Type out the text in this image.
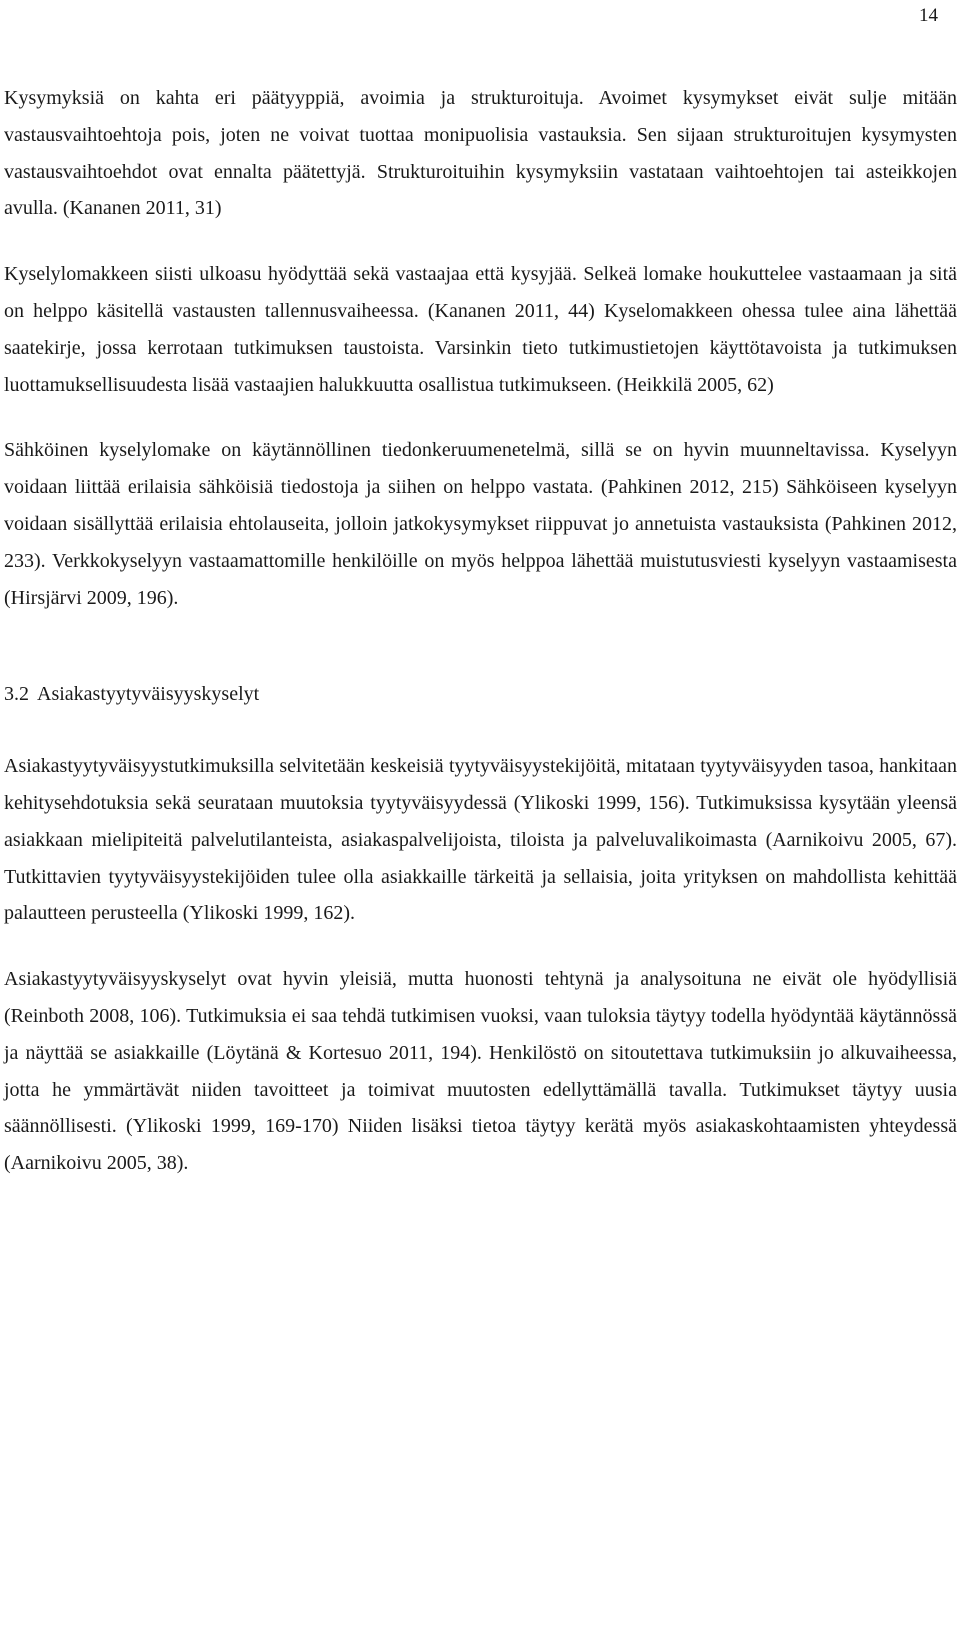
14

Kysymyksiä on kahta eri päätyyppiä, avoimia ja strukturoituja. Avoimet kysymykset eivät sulje mitään vastausvaihtoehtoja pois, joten ne voivat tuottaa monipuolisia vastauksia. Sen sijaan strukturoitujen kysymysten vastausvaihtoehdot ovat ennalta päätettyjä. Strukturoituihin kysymyksiin vastataan vaihtoehtojen tai asteikkojen avulla. (Kananen 2011, 31)

Kyselylomakkeen siisti ulkoasu hyödyttää sekä vastaajaa että kysyjää. Selkeä lomake houkuttelee vastaamaan ja sitä on helppo käsitellä vastausten tallennusvaiheessa. (Kananen 2011, 44) Kyselomakkeen ohessa tulee aina lähettää saatekirje, jossa kerrotaan tutkimuksen taustoista. Varsinkin tieto tutkimustietojen käyttötavoista ja tutkimuksen luottamuksellisuudesta lisää vastaajien halukkuutta osallistua tutkimukseen. (Heikkilä 2005, 62)

Sähköinen kyselylomake on käytännöllinen tiedonkeruumenetelmä, sillä se on hyvin muunneltavissa. Kyselyyn voidaan liittää erilaisia sähköisiä tiedostoja ja siihen on helppo vastata. (Pahkinen 2012, 215) Sähköiseen kyselyyn voidaan sisällyttää erilaisia ehtolauseita, jolloin jatkokysymykset riippuvat jo annetuista vastauksista (Pahkinen 2012, 233). Verkkokyselyyn vastaamattomille henkilöille on myös helppoa lähettää muistutusviesti kyselyyn vastaamisesta (Hirsjärvi 2009, 196).

3.2 Asiakastyytyväisyyskyselyt

Asiakastyytyväisyystutkimuksilla selvitetään keskeisiä tyytyväisyystekijöitä, mitataan tyytyväisyyden tasoa, hankitaan kehitysehdotuksia sekä seurataan muutoksia tyytyväisyydessä (Ylikoski 1999, 156). Tutkimuksissa kysytään yleensä asiakkaan mielipiteitä palvelutilanteista, asiakaspalvelijoista, tiloista ja palveluvalikoimasta (Aarnikoivu 2005, 67). Tutkittavien tyytyväisyystekijöiden tulee olla asiakkaille tärkeitä ja sellaisia, joita yrityksen on mahdollista kehittää palautteen perusteella (Ylikoski 1999, 162).

Asiakastyytyväisyyskyselyt ovat hyvin yleisiä, mutta huonosti tehtynä ja analysoituna ne eivät ole hyödyllisiä (Reinboth 2008, 106). Tutkimuksia ei saa tehdä tutkimisen vuoksi, vaan tuloksia täytyy todella hyödyntää käytännössä ja näyttää se asiakkaille (Löytänä & Kortesuo 2011, 194). Henkilöstö on sitoutettava tutkimuksiin jo alkuvaiheessa, jotta he ymmärtävät niiden tavoitteet ja toimivat muutosten edellyttämällä tavalla. Tutkimukset täytyy uusia säännöllisesti. (Ylikoski 1999, 169-170) Niiden lisäksi tietoa täytyy kerätä myös asiakaskohtaamisten yhteydessä (Aarnikoivu 2005, 38).
